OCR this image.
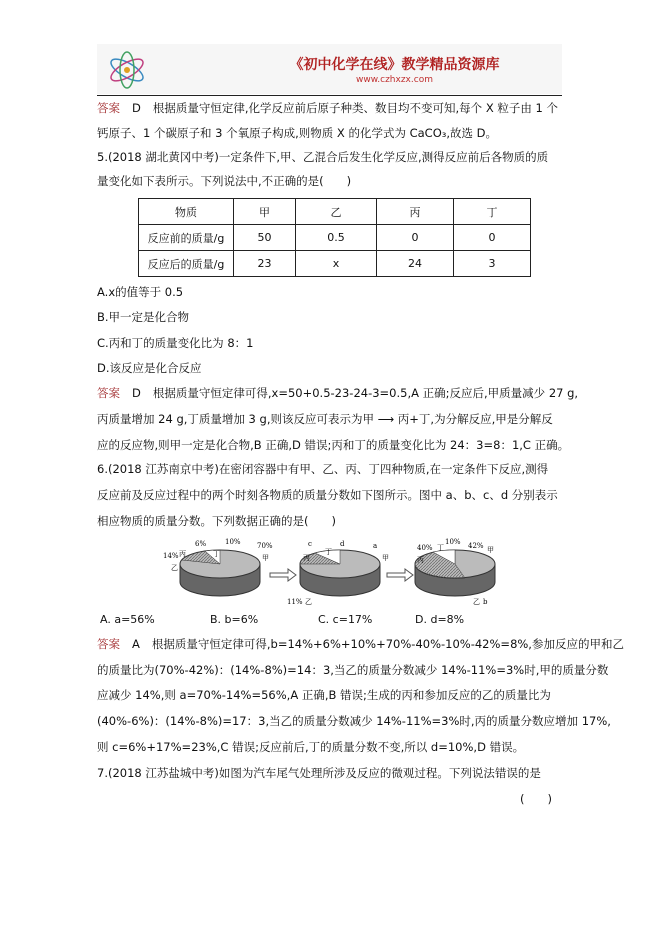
《初中化学在线》教学精品资源库
www.czhxzx.com
答案 D 根据质量守恒定律,化学反应前后原子种类、数目均不变可知,每个 X 粒子由 1 个
钙原子、1 个碳原子和 3 个氧原子构成,则物质 X 的化学式为 CaCO₃,故选 D。
5.(2018 湖北黄冈中考)一定条件下,甲、乙混合后发生化学反应,测得反应前后各物质的质
量变化如下表所示。下列说法中,不正确的是(　　)
物质	甲	乙	丙	丁
反应前的质量/g	50	0.5	0	0
反应后的质量/g	23	x	24	3
A.x的值等于 0.5
B.甲一定是化合物
C.丙和丁的质量变化比为 8：1
D.该反应是化合反应
答案 D 根据质量守恒定律可得,x=50+0.5-23-24-3=0.5,A 正确;反应后,甲质量减少 27 g,
丙质量增加 24 g,丁质量增加 3 g,则该反应可表示为甲 ⟶ 丙+丁,为分解反应,甲是分解反
应的反应物,则甲一定是化合物,B 正确,D 错误;丙和丁的质量变化比为 24：3=8：1,C 正确。
6.(2018 江苏南京中考)在密闭容器中有甲、乙、丙、丁四种物质,在一定条件下反应,测得
反应前及反应过程中的两个时刻各物质的质量分数如下图所示。图中 a、b、c、d 分别表示
相应物质的质量分数。下列数据正确的是(　　)
6%	10% 70%
14% 丙	丁
乙
甲
c	d	a
丙
丁
甲
11% 乙
10%
40%	42%
丙
丁	甲
乙 b
A. a=56%	B. b=6%	C. c=17%	D. d=8%
答案 A 根据质量守恒定律可得,b=14%+6%+10%+70%-40%-10%-42%=8%,参加反应的甲和乙
的质量比为(70%-42%)：(14%-8%)=14：3,当乙的质量分数减少 14%-11%=3%时,甲的质量分数
应减少 14%,则 a=70%-14%=56%,A 正确,B 错误;生成的丙和参加反应的乙的质量比为
(40%-6%)：(14%-8%)=17：3,当乙的质量分数减少 14%-11%=3%时,丙的质量分数应增加 17%,
则 c=6%+17%=23%,C 错误;反应前后,丁的质量分数不变,所以 d=10%,D 错误。
7.(2018 江苏盐城中考)如图为汽车尾气处理所涉及反应的微观过程。下列说法错误的是
(　　)
